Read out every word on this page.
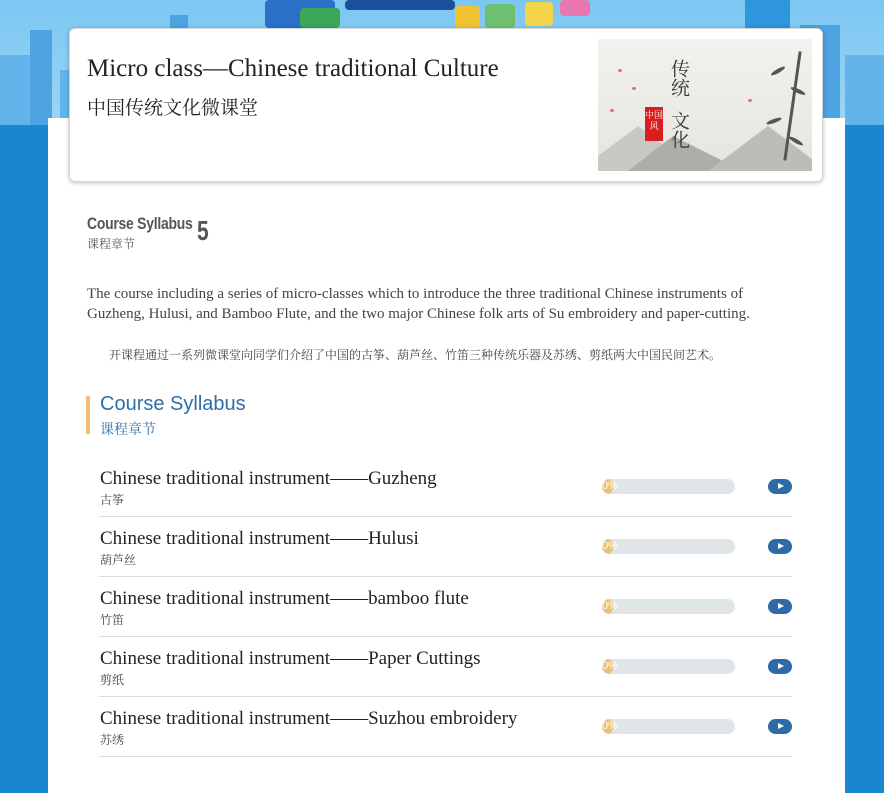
Micro class—Chinese traditional Culture
中国传统文化微课堂
传统
文化
中国风
Course Syllabus
课程章节	5
The course including a series of micro-classes which to introduce the three traditional Chinese instruments of Guzheng, Hulusi, and Bamboo Flute, and the two major Chinese folk arts of Su embroidery and paper-cutting.
开课程通过一系列微课堂向同学们介绍了中国的古筝、葫芦丝、竹笛三种传统乐器及苏绣、剪纸两大中国民间艺术。
Course Syllabus
课程章节
Chinese traditional instrument——Guzheng
古筝
0%
Chinese traditional instrument——Hulusi
葫芦丝
0%
Chinese traditional instrument——bamboo flute
竹笛
0%
Chinese traditional instrument——Paper Cuttings
剪纸
0%
Chinese traditional instrument——Suzhou embroidery
苏绣
0%
